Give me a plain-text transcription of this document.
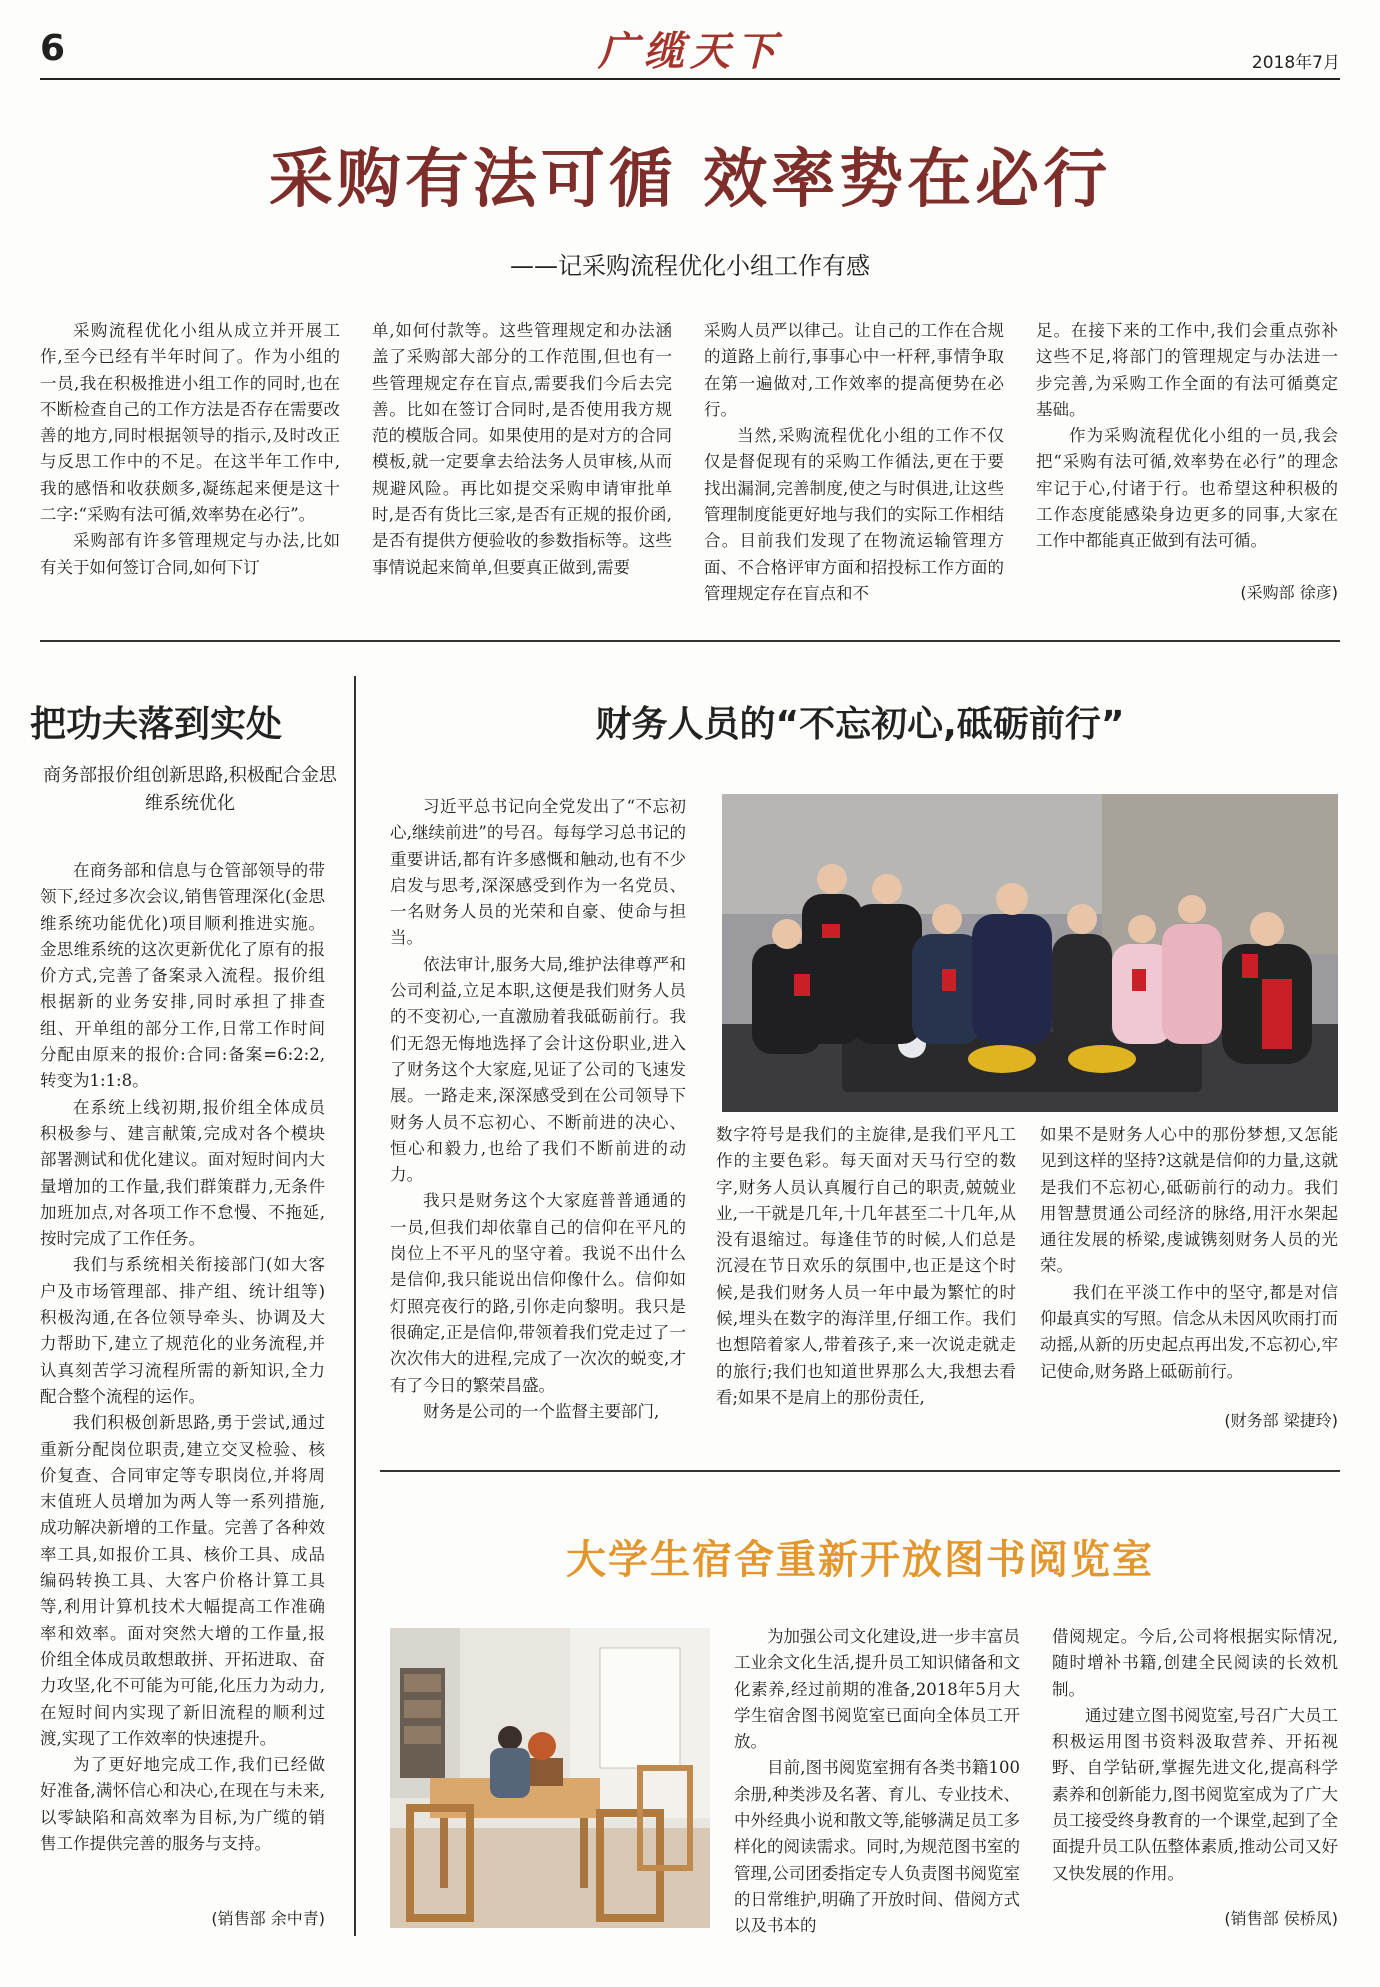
6	广缆天下	2018年7月
采购有法可循 效率势在必行
——记采购流程优化小组工作有感

采购流程优化小组从成立并开展工作,至今已经有半年时间了。作为小组的一员,我在积极推进小组工作的同时,也在不断检查自己的工作方法是否存在需要改善的地方,同时根据领导的指示,及时改正与反思工作中的不足。在这半年工作中,我的感悟和收获颇多,凝练起来便是这十二字:“采购有法可循,效率势在必行”。

采购部有许多管理规定与办法,比如有关于如何签订合同,如何下订

单,如何付款等。这些管理规定和办法涵盖了采购部大部分的工作范围,但也有一些管理规定存在盲点,需要我们今后去完善。比如在签订合同时,是否使用我方规范的模版合同。如果使用的是对方的合同模板,就一定要拿去给法务人员审核,从而规避风险。再比如提交采购申请审批单时,是否有货比三家,是否有正规的报价函,是否有提供方便验收的参数指标等。这些事情说起来简单,但要真正做到,需要

采购人员严以律己。让自己的工作在合规的道路上前行,事事心中一杆秤,事情争取在第一遍做对,工作效率的提高便势在必行。

当然,采购流程优化小组的工作不仅仅是督促现有的采购工作循法,更在于要找出漏洞,完善制度,使之与时俱进,让这些管理制度能更好地与我们的实际工作相结合。目前我们发现了在物流运输管理方面、不合格评审方面和招投标工作方面的管理规定存在盲点和不

足。在接下来的工作中,我们会重点弥补这些不足,将部门的管理规定与办法进一步完善,为采购工作全面的有法可循奠定基础。

作为采购流程优化小组的一员,我会把“采购有法可循,效率势在必行”的理念牢记于心,付诸于行。也希望这种积极的工作态度能感染身边更多的同事,大家在工作中都能真正做到有法可循。

(采购部 徐彦)
把功夫落到实处
商务部报价组创新思路,积极配合金思维系统优化

在商务部和信息与仓管部领导的带领下,经过多次会议,销售管理深化(金思维系统功能优化)项目顺利推进实施。金思维系统的这次更新优化了原有的报价方式,完善了备案录入流程。报价组根据新的业务安排,同时承担了排查组、开单组的部分工作,日常工作时间分配由原来的报价:合同:备案=6:2:2,转变为1:1:8。

在系统上线初期,报价组全体成员积极参与、建言献策,完成对各个模块部署测试和优化建议。面对短时间内大量增加的工作量,我们群策群力,无条件加班加点,对各项工作不怠慢、不拖延,按时完成了工作任务。

我们与系统相关衔接部门(如大客户及市场管理部、排产组、统计组等)积极沟通,在各位领导牵头、协调及大力帮助下,建立了规范化的业务流程,并认真刻苦学习流程所需的新知识,全力配合整个流程的运作。

我们积极创新思路,勇于尝试,通过重新分配岗位职责,建立交叉检验、核价复查、合同审定等专职岗位,并将周末值班人员增加为两人等一系列措施,成功解决新增的工作量。完善了各种效率工具,如报价工具、核价工具、成品编码转换工具、大客户价格计算工具等,利用计算机技术大幅提高工作准确率和效率。面对突然大增的工作量,报价组全体成员敢想敢拼、开拓进取、奋力攻坚,化不可能为可能,化压力为动力,在短时间内实现了新旧流程的顺利过渡,实现了工作效率的快速提升。

为了更好地完成工作,我们已经做好准备,满怀信心和决心,在现在与未来,以零缺陷和高效率为目标,为广缆的销售工作提供完善的服务与支持。

(销售部 余中青)
财务人员的“不忘初心,砥砺前行”

习近平总书记向全党发出了“不忘初心,继续前进”的号召。每每学习总书记的重要讲话,都有许多感慨和触动,也有不少启发与思考,深深感受到作为一名党员、一名财务人员的光荣和自豪、使命与担当。

依法审计,服务大局,维护法律尊严和公司利益,立足本职,这便是我们财务人员的不变初心,一直激励着我砥砺前行。我们无怨无悔地选择了会计这份职业,进入了财务这个大家庭,见证了公司的飞速发展。一路走来,深深感受到在公司领导下财务人员不忘初心、不断前进的决心、恒心和毅力,也给了我们不断前进的动力。

我只是财务这个大家庭普普通通的一员,但我们却依靠自己的信仰在平凡的岗位上不平凡的坚守着。我说不出什么是信仰,我只能说出信仰像什么。信仰如灯照亮夜行的路,引你走向黎明。我只是很确定,正是信仰,带领着我们党走过了一次次伟大的进程,完成了一次次的蜕变,才有了今日的繁荣昌盛。

财务是公司的一个监督主要部门,

数字符号是我们的主旋律,是我们平凡工作的主要色彩。每天面对天马行空的数字,财务人员认真履行自己的职责,兢兢业业,一干就是几年,十几年甚至二十几年,从没有退缩过。每逢佳节的时候,人们总是沉浸在节日欢乐的氛围中,也正是这个时候,是我们财务人员一年中最为繁忙的时候,埋头在数字的海洋里,仔细工作。我们也想陪着家人,带着孩子,来一次说走就走的旅行;我们也知道世界那么大,我想去看看;如果不是肩上的那份责任,

如果不是财务人心中的那份梦想,又怎能见到这样的坚持?这就是信仰的力量,这就是我们不忘初心,砥砺前行的动力。我们用智慧贯通公司经济的脉络,用汗水架起通往发展的桥梁,虔诚镌刻财务人员的光荣。

我们在平淡工作中的坚守,都是对信仰最真实的写照。信念从未因风吹雨打而动摇,从新的历史起点再出发,不忘初心,牢记使命,财务路上砥砺前行。

(财务部 梁捷玲)
大学生宿舍重新开放图书阅览室

为加强公司文化建设,进一步丰富员工业余文化生活,提升员工知识储备和文化素养,经过前期的准备,2018年5月大学生宿舍图书阅览室已面向全体员工开放。

目前,图书阅览室拥有各类书籍100余册,种类涉及名著、育儿、专业技术、中外经典小说和散文等,能够满足员工多样化的阅读需求。同时,为规范图书室的管理,公司团委指定专人负责图书阅览室的日常维护,明确了开放时间、借阅方式以及书本的

借阅规定。今后,公司将根据实际情况,随时增补书籍,创建全民阅读的长效机制。

通过建立图书阅览室,号召广大员工积极运用图书资料汲取营养、开拓视野、自学钻研,掌握先进文化,提高科学素养和创新能力,图书阅览室成为了广大员工接受终身教育的一个课堂,起到了全面提升员工队伍整体素质,推动公司又好又快发展的作用。

(销售部 侯桥凤)
